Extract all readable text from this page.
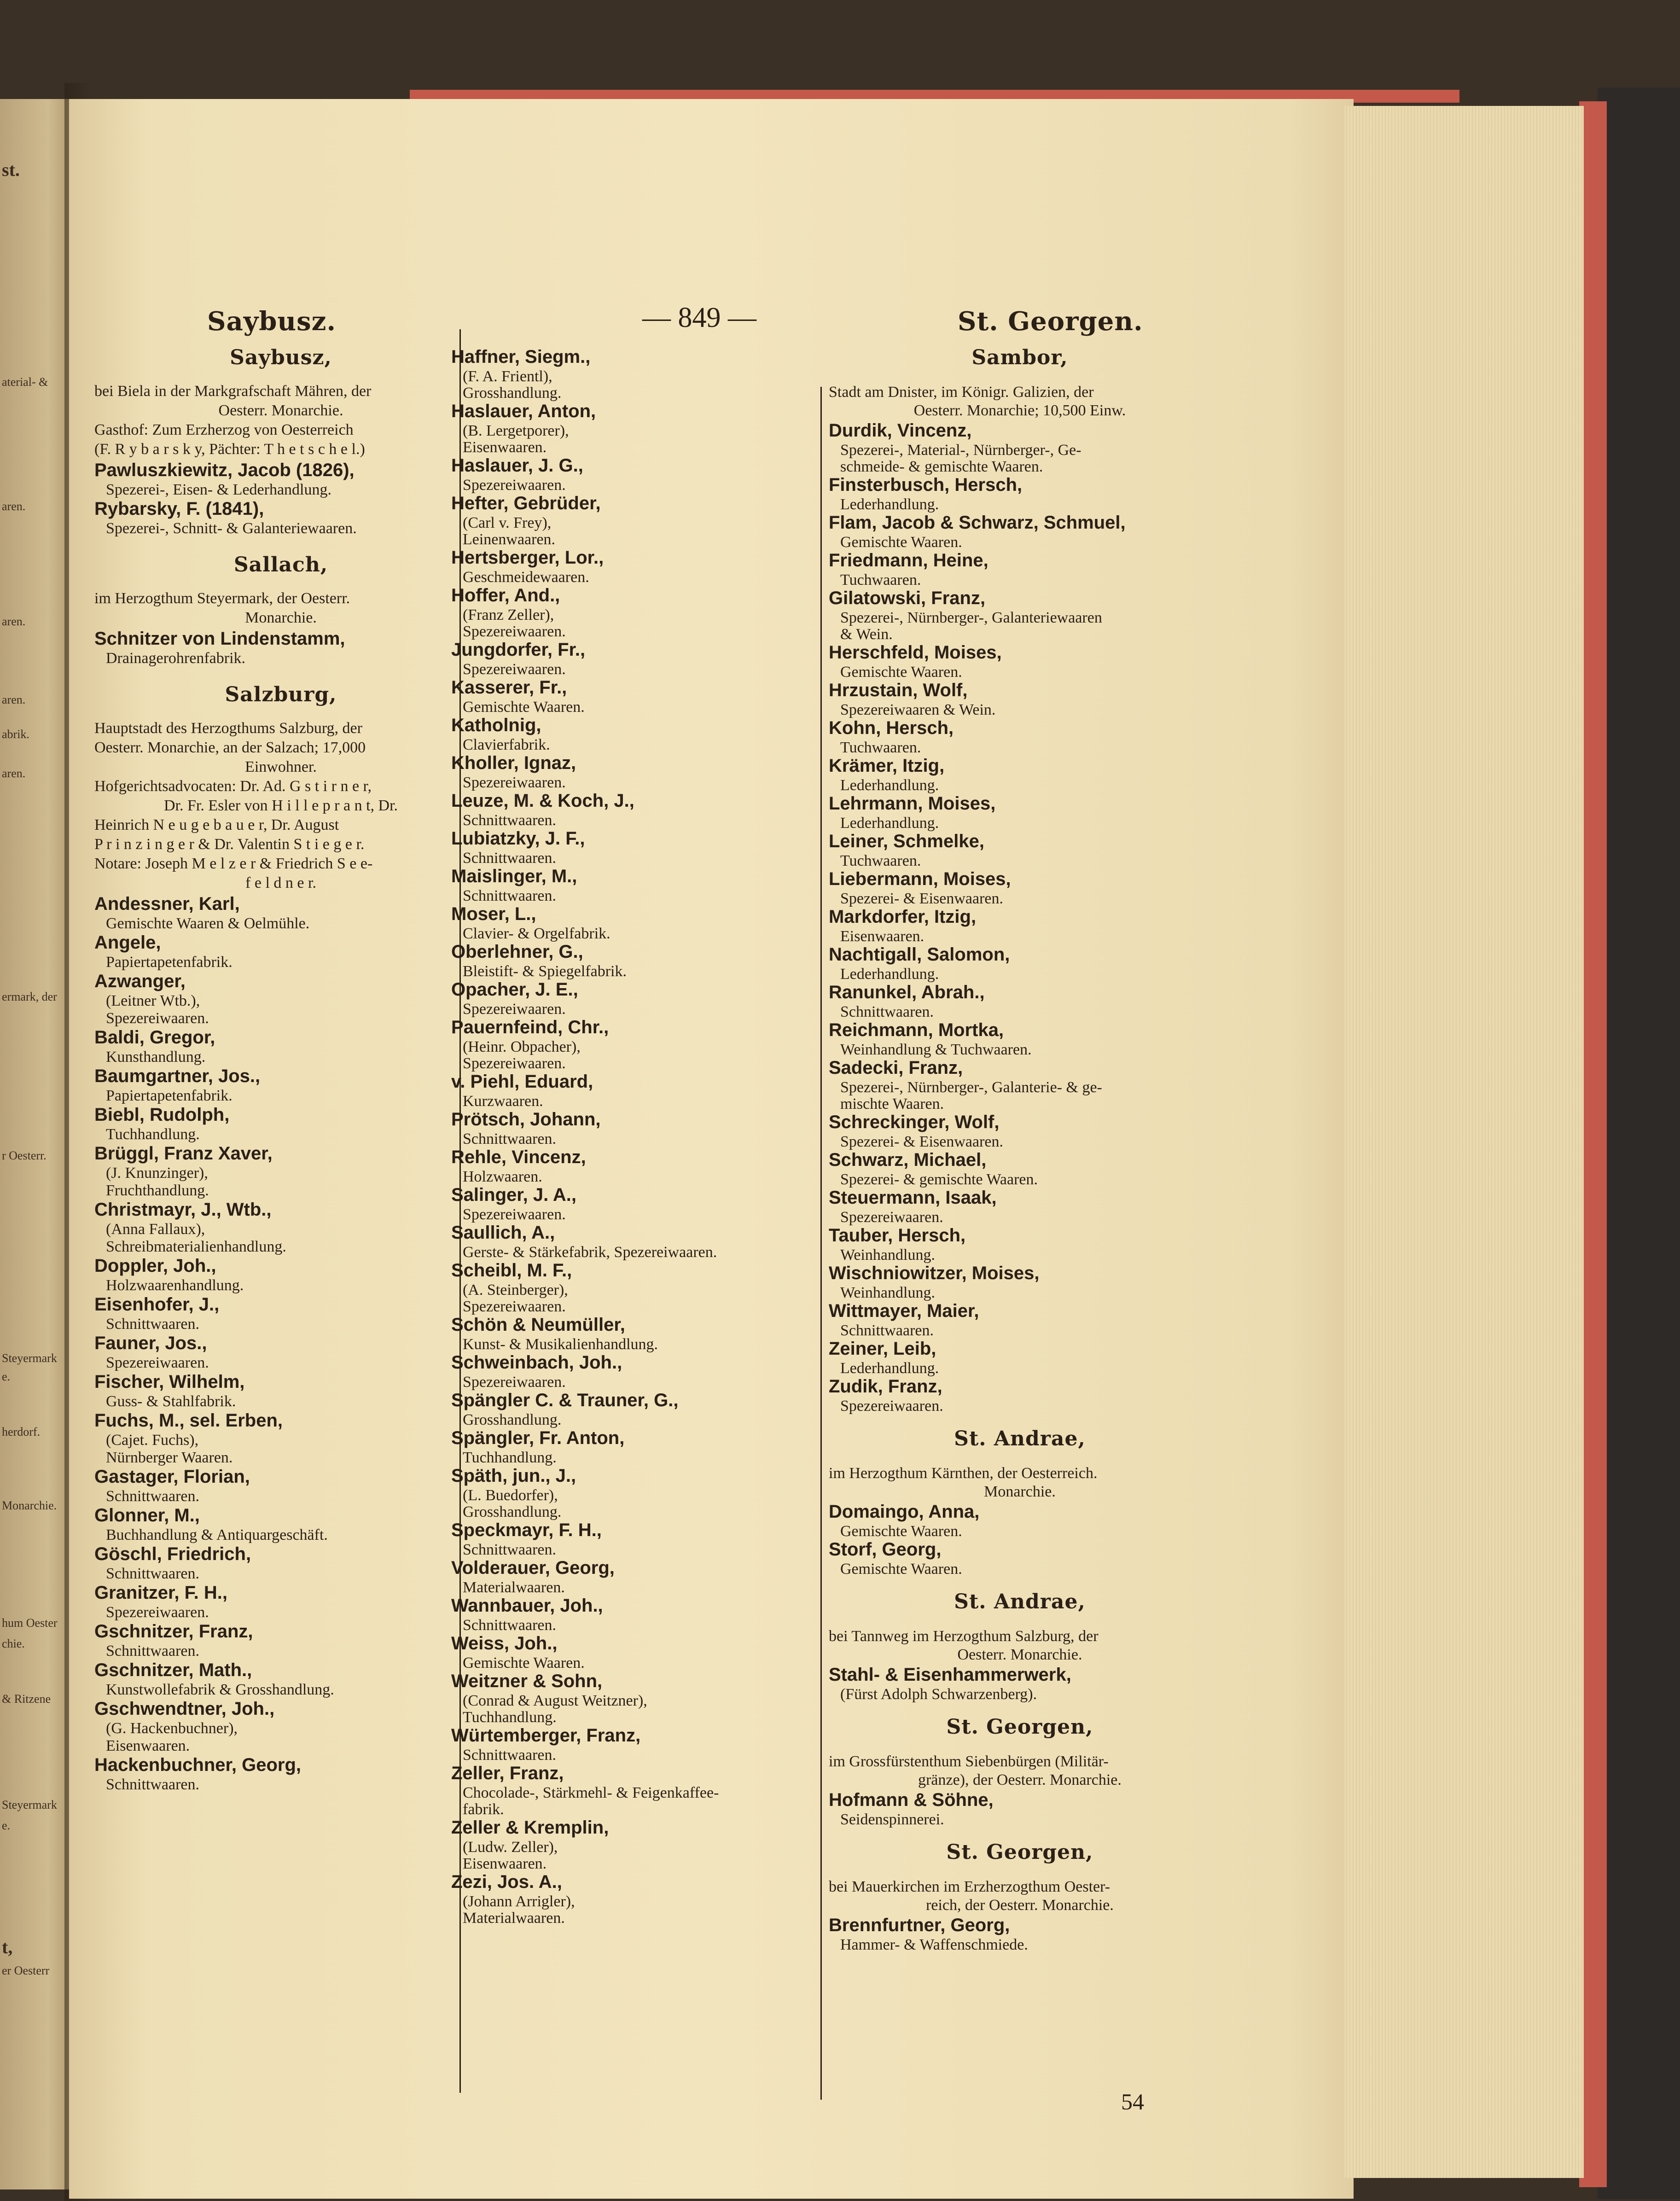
st.
aterial- &
aren.
aren.
aren.
abrik.
aren.
ermark, der
r Oesterr.
Steyermark
e.
herdorf.
Monarchie.
hum Oester
chie.
& Ritzene
Steyermark
e.
t,
er Oesterr
Saybusz.	— 849 —	St. Georgen.
Saybusz,
bei Biela in der Markgrafschaft Mähren, der
Oesterr. Monarchie.
Gasthof: Zum Erzherzog von Oesterreich
(F. R y b a r s k y, Pächter: T h e t s c h e l.)
Pawluszkiewitz, Jacob (1826),
Spezerei-, Eisen- & Lederhandlung.
Rybarsky, F. (1841),
Spezerei-, Schnitt- & Galanteriewaaren.
Sallach,
im Herzogthum Steyermark, der Oesterr.
Monarchie.
Schnitzer von Lindenstamm,
Drainagerohrenfabrik.
Salzburg,
Hauptstadt des Herzogthums Salzburg, der
Oesterr. Monarchie, an der Salzach; 17,000
Einwohner.
Hofgerichtsadvocaten: Dr. Ad. G s t i r n e r,
Dr. Fr. Esler von H i l l e p r a n t, Dr.
Heinrich N e u g e b a u e r, Dr. August
P r i n z i n g e r & Dr. Valentin S t i e g e r.
Notare: Joseph M e l z e r & Friedrich S e e-
f e l d n e r.
Andessner, Karl,
Gemischte Waaren & Oelmühle.
Angele,
Papiertapetenfabrik.
Azwanger,
(Leitner Wtb.),
Spezereiwaaren.
Baldi, Gregor,
Kunsthandlung.
Baumgartner, Jos.,
Papiertapetenfabrik.
Biebl, Rudolph,
Tuchhandlung.
Brüggl, Franz Xaver,
(J. Knunzinger),
Fruchthandlung.
Christmayr, J., Wtb.,
(Anna Fallaux),
Schreibmaterialienhandlung.
Doppler, Joh.,
Holzwaarenhandlung.
Eisenhofer, J.,
Schnittwaaren.
Fauner, Jos.,
Spezereiwaaren.
Fischer, Wilhelm,
Guss- & Stahlfabrik.
Fuchs, M., sel. Erben,
(Cajet. Fuchs),
Nürnberger Waaren.
Gastager, Florian,
Schnittwaaren.
Glonner, M.,
Buchhandlung & Antiquargeschäft.
Göschl, Friedrich,
Schnittwaaren.
Granitzer, F. H.,
Spezereiwaaren.
Gschnitzer, Franz,
Schnittwaaren.
Gschnitzer, Math.,
Kunstwollefabrik & Grosshandlung.
Gschwendtner, Joh.,
(G. Hackenbuchner),
Eisenwaaren.
Hackenbuchner, Georg,
Schnittwaaren.
Haffner, Siegm.,
(F. A. Frientl),
Grosshandlung.
Haslauer, Anton,
(B. Lergetporer),
Eisenwaaren.
Haslauer, J. G.,
Spezereiwaaren.
Hefter, Gebrüder,
(Carl v. Frey),
Leinenwaaren.
Hertsberger, Lor.,
Geschmeidewaaren.
Hoffer, And.,
(Franz Zeller),
Spezereiwaaren.
Jungdorfer, Fr.,
Spezereiwaaren.
Kasserer, Fr.,
Gemischte Waaren.
Katholnig,
Clavierfabrik.
Kholler, Ignaz,
Spezereiwaaren.
Leuze, M. & Koch, J.,
Schnittwaaren.
Lubiatzky, J. F.,
Schnittwaaren.
Maislinger, M.,
Schnittwaaren.
Moser, L.,
Clavier- & Orgelfabrik.
Oberlehner, G.,
Bleistift- & Spiegelfabrik.
Opacher, J. E.,
Spezereiwaaren.
Pauernfeind, Chr.,
(Heinr. Obpacher),
Spezereiwaaren.
v. Piehl, Eduard,
Kurzwaaren.
Prötsch, Johann,
Schnittwaaren.
Rehle, Vincenz,
Holzwaaren.
Salinger, J. A.,
Spezereiwaaren.
Saullich, A.,
Gerste- & Stärkefabrik, Spezereiwaaren.
Scheibl, M. F.,
(A. Steinberger),
Spezereiwaaren.
Schön & Neumüller,
Kunst- & Musikalienhandlung.
Schweinbach, Joh.,
Spezereiwaaren.
Spängler C. & Trauner, G.,
Grosshandlung.
Spängler, Fr. Anton,
Tuchhandlung.
Späth, jun., J.,
(L. Buedorfer),
Grosshandlung.
Speckmayr, F. H.,
Schnittwaaren.
Volderauer, Georg,
Materialwaaren.
Wannbauer, Joh.,
Schnittwaaren.
Weiss, Joh.,
Gemischte Waaren.
Weitzner & Sohn,
(Conrad & August Weitzner),
Tuchhandlung.
Würtemberger, Franz,
Schnittwaaren.
Zeller, Franz,
Chocolade-, Stärkmehl- & Feigenkaffee-
fabrik.
Zeller & Kremplin,
(Ludw. Zeller),
Eisenwaaren.
Zezi, Jos. A.,
(Johann Arrigler),
Materialwaaren.
Sambor,
Stadt am Dnister, im Königr. Galizien, der
Oesterr. Monarchie; 10,500 Einw.
Durdik, Vincenz,
Spezerei-, Material-, Nürnberger-, Ge-
schmeide- & gemischte Waaren.
Finsterbusch, Hersch,
Lederhandlung.
Flam, Jacob & Schwarz, Schmuel,
Gemischte Waaren.
Friedmann, Heine,
Tuchwaaren.
Gilatowski, Franz,
Spezerei-, Nürnberger-, Galanteriewaaren
& Wein.
Herschfeld, Moises,
Gemischte Waaren.
Hrzustain, Wolf,
Spezereiwaaren & Wein.
Kohn, Hersch,
Tuchwaaren.
Krämer, Itzig,
Lederhandlung.
Lehrmann, Moises,
Lederhandlung.
Leiner, Schmelke,
Tuchwaaren.
Liebermann, Moises,
Spezerei- & Eisenwaaren.
Markdorfer, Itzig,
Eisenwaaren.
Nachtigall, Salomon,
Lederhandlung.
Ranunkel, Abrah.,
Schnittwaaren.
Reichmann, Mortka,
Weinhandlung & Tuchwaaren.
Sadecki, Franz,
Spezerei-, Nürnberger-, Galanterie- & ge-
mischte Waaren.
Schreckinger, Wolf,
Spezerei- & Eisenwaaren.
Schwarz, Michael,
Spezerei- & gemischte Waaren.
Steuermann, Isaak,
Spezereiwaaren.
Tauber, Hersch,
Weinhandlung.
Wischniowitzer, Moises,
Weinhandlung.
Wittmayer, Maier,
Schnittwaaren.
Zeiner, Leib,
Lederhandlung.
Zudik, Franz,
Spezereiwaaren.
St. Andrae,
im Herzogthum Kärnthen, der Oesterreich.
Monarchie.
Domaingo, Anna,
Gemischte Waaren.
Storf, Georg,
Gemischte Waaren.
St. Andrae,
bei Tannweg im Herzogthum Salzburg, der
Oesterr. Monarchie.
Stahl- & Eisenhammerwerk,
(Fürst Adolph Schwarzenberg).
St. Georgen,
im Grossfürstenthum Siebenbürgen (Militär-
gränze), der Oesterr. Monarchie.
Hofmann & Söhne,
Seidenspinnerei.
St. Georgen,
bei Mauerkirchen im Erzherzogthum Oester-
reich, der Oesterr. Monarchie.
Brennfurtner, Georg,
Hammer- & Waffenschmiede.
54
